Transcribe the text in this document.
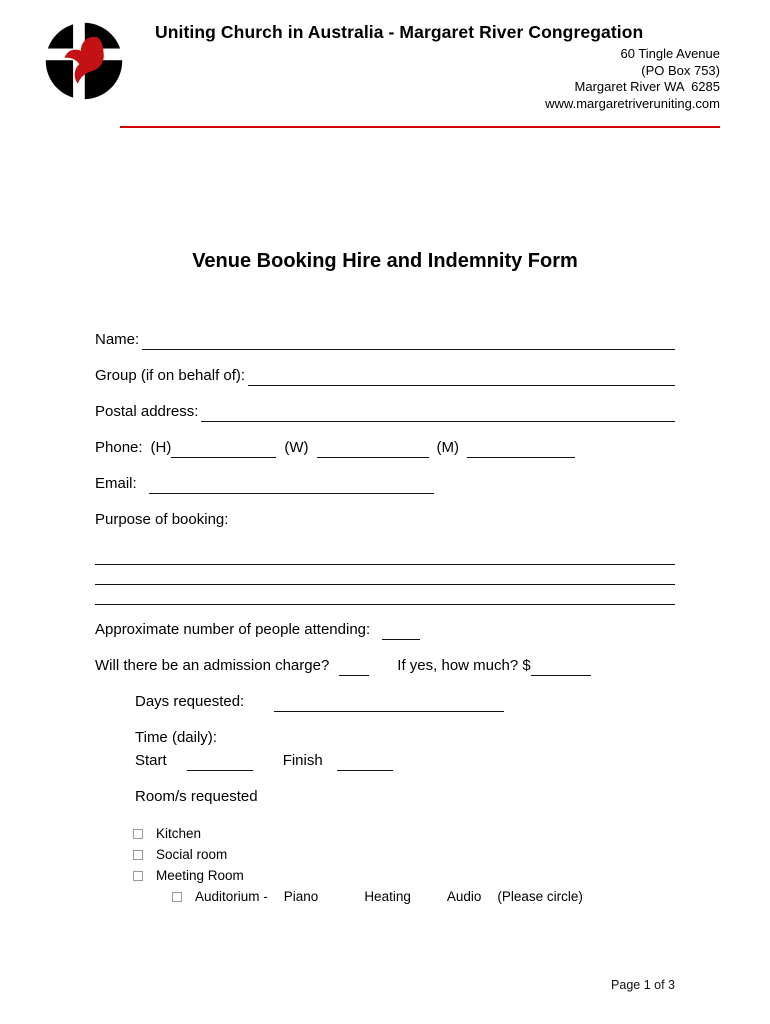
Uniting Church in Australia - Margaret River Congregation
60 Tingle Avenue
(PO Box 753)
Margaret River WA  6285
www.margaretriveruniting.com
Venue Booking Hire and Indemnity Form
Name:
Group (if on behalf of):
Postal address:
Phone: (H)	(W)	(M)
Email:
Purpose of booking:
Approximate number of people attending:
Will there be an admission charge?	If yes, how much? $
Days requested:
Time (daily):
Start	Finish
Room/s requested
Kitchen
Social room
Meeting Room
Auditorium - Piano	Heating	Audio (Please circle)
Page 1 of 3
